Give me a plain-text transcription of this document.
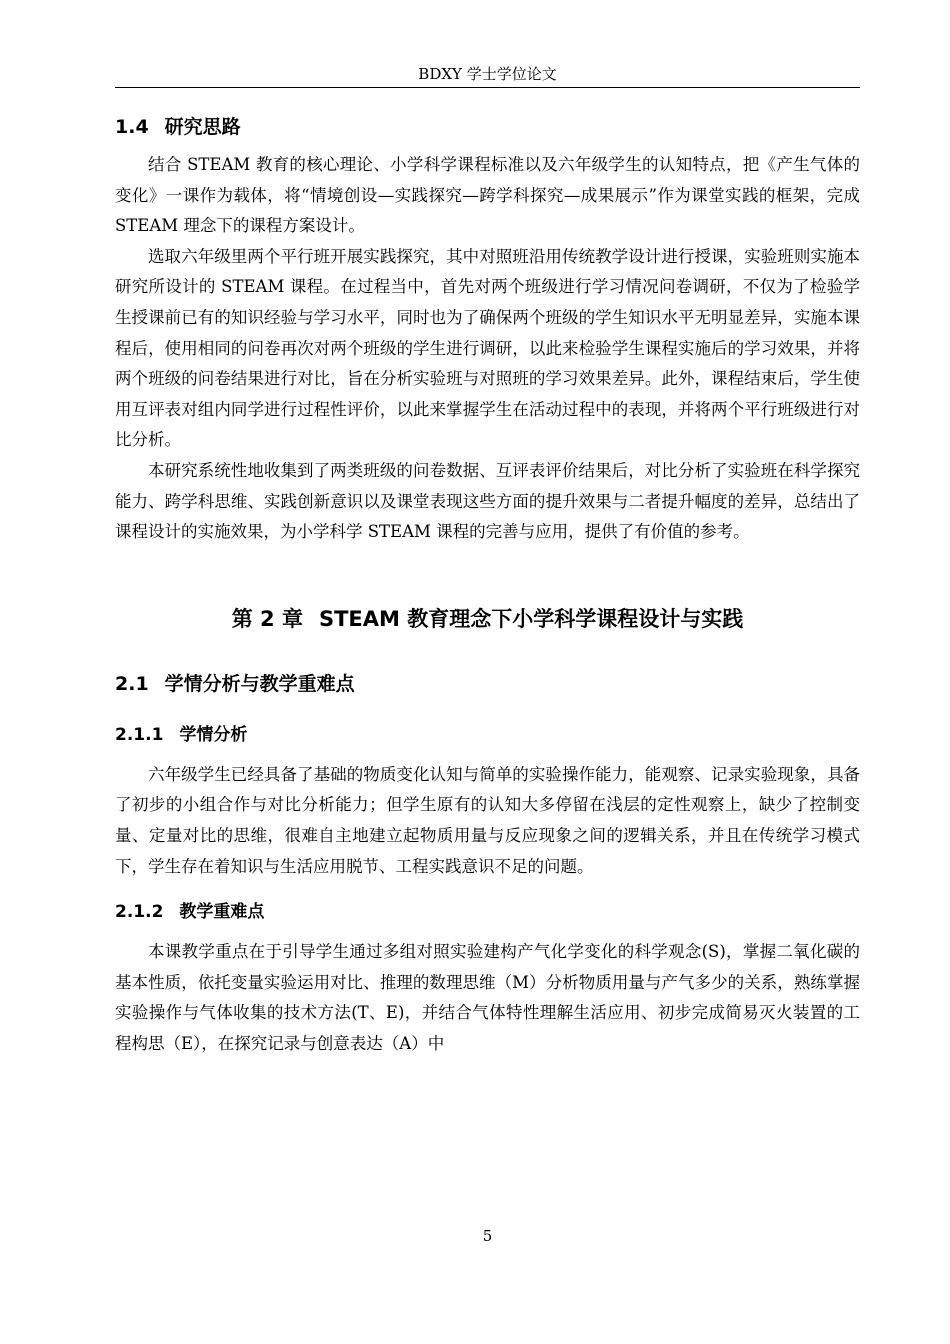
BDXY 学士学位论文
1.4 研究思路

结合 STEAM 教育的核心理论、小学科学课程标准以及六年级学生的认知特点，把《产生气体的变化》一课作为载体，将“情境创设—实践探究—跨学科探究—成果展示”作为课堂实践的框架，完成 STEAM 理念下的课程方案设计。

选取六年级里两个平行班开展实践探究，其中对照班沿用传统教学设计进行授课，实验班则实施本研究所设计的 STEAM 课程。在过程当中，首先对两个班级进行学习情况问卷调研，不仅为了检验学生授课前已有的知识经验与学习水平，同时也为了确保两个班级的学生知识水平无明显差异，实施本课程后，使用相同的问卷再次对两个班级的学生进行调研，以此来检验学生课程实施后的学习效果，并将两个班级的问卷结果进行对比，旨在分析实验班与对照班的学习效果差异。此外，课程结束后，学生使用互评表对组内同学进行过程性评价，以此来掌握学生在活动过程中的表现，并将两个平行班级进行对比分析。

本研究系统性地收集到了两类班级的问卷数据、互评表评价结果后，对比分析了实验班在科学探究能力、跨学科思维、实践创新意识以及课堂表现这些方面的提升效果与二者提升幅度的差异，总结出了课程设计的实施效果，为小学科学 STEAM 课程的完善与应用，提供了有价值的参考。

第 2 章 STEAM 教育理念下小学科学课程设计与实践
2.1 学情分析与教学重难点
2.1.1 学情分析

六年级学生已经具备了基础的物质变化认知与简单的实验操作能力，能观察、记录实验现象，具备了初步的小组合作与对比分析能力；但学生原有的认知大多停留在浅层的定性观察上，缺少了控制变量、定量对比的思维，很难自主地建立起物质用量与反应现象之间的逻辑关系，并且在传统学习模式下，学生存在着知识与生活应用脱节、工程实践意识不足的问题。

2.1.2 教学重难点

本课教学重点在于引导学生通过多组对照实验建构产气化学变化的科学观念(S)，掌握二氧化碳的基本性质，依托变量实验运用对比、推理的数理思维（M）分析物质用量与产气多少的关系，熟练掌握实验操作与气体收集的技术方法(T、E)，并结合气体特性理解生活应用、初步完成简易灭火装置的工程构思（E），在探究记录与创意表达（A）中

5
